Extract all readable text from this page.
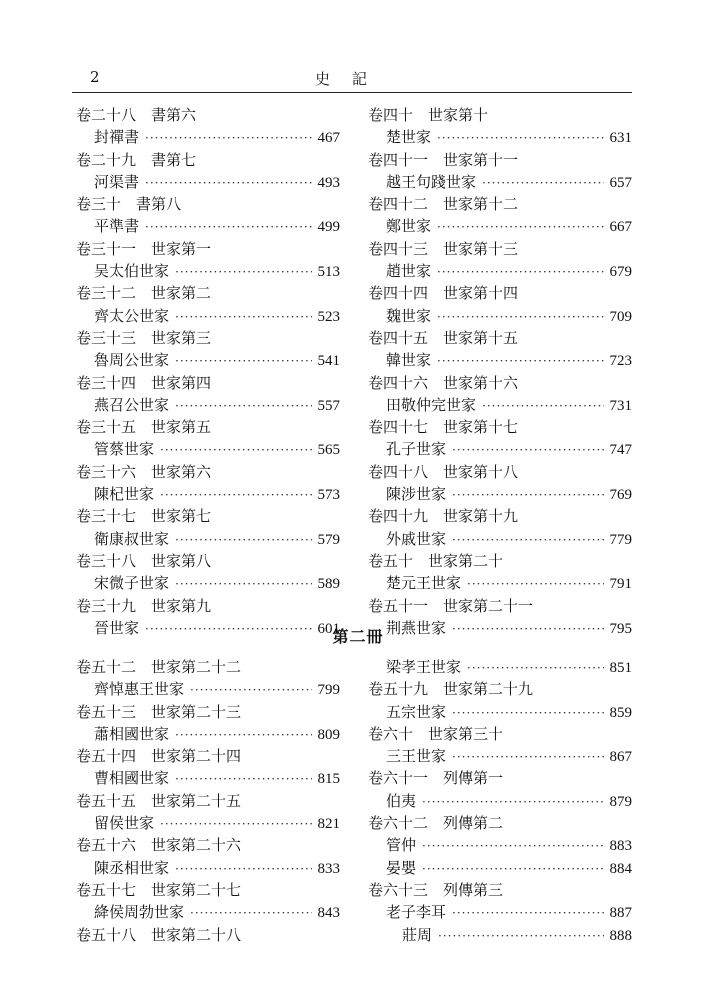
2	史記
卷二十八　書第六
封禪書 ·····	467
卷二十九　書第七
河渠書 ·····	493
卷三十　書第八
平準書 ·····	499
卷三十一　世家第一
吴太伯世家 ·····	513
卷三十二　世家第二
齊太公世家 ·····	523
卷三十三　世家第三
魯周公世家 ·····	541
卷三十四　世家第四
燕召公世家 ·····	557
卷三十五　世家第五
管蔡世家 ·····	565
卷三十六　世家第六
陳杞世家 ·····	573
卷三十七　世家第七
衛康叔世家 ·····	579
卷三十八　世家第八
宋微子世家 ·····	589
卷三十九　世家第九
晉世家 ·····	601
卷四十　世家第十
楚世家 ·····	631
卷四十一　世家第十一
越王句踐世家 ·····	657
卷四十二　世家第十二
鄭世家 ·····	667
卷四十三　世家第十三
趙世家 ·····	679
卷四十四　世家第十四
魏世家 ·····	709
卷四十五　世家第十五
韓世家 ·····	723
卷四十六　世家第十六
田敬仲完世家 ·····	731
卷四十七　世家第十七
孔子世家 ·····	747
卷四十八　世家第十八
陳涉世家 ·····	769
卷四十九　世家第十九
外戚世家 ·····	779
卷五十　世家第二十
楚元王世家 ·····	791
卷五十一　世家第二十一
荆燕世家 ·····	795
第二冊
卷五十二　世家第二十二
齊悼惠王世家 ·····	799
卷五十三　世家第二十三
蕭相國世家 ·····	809
卷五十四　世家第二十四
曹相國世家 ·····	815
卷五十五　世家第二十五
留侯世家 ·····	821
卷五十六　世家第二十六
陳丞相世家 ·····	833
卷五十七　世家第二十七
絳侯周勃世家 ·····	843
卷五十八　世家第二十八
梁孝王世家 ·····	851
卷五十九　世家第二十九
五宗世家 ·····	859
卷六十　世家第三十
三王世家 ·····	867
卷六十一　列傳第一
伯夷 ·····	879
卷六十二　列傳第二
管仲 ·····	883
晏嬰 ·····	884
卷六十三　列傳第三
老子李耳 ·····	887
莊周 ·····	888
